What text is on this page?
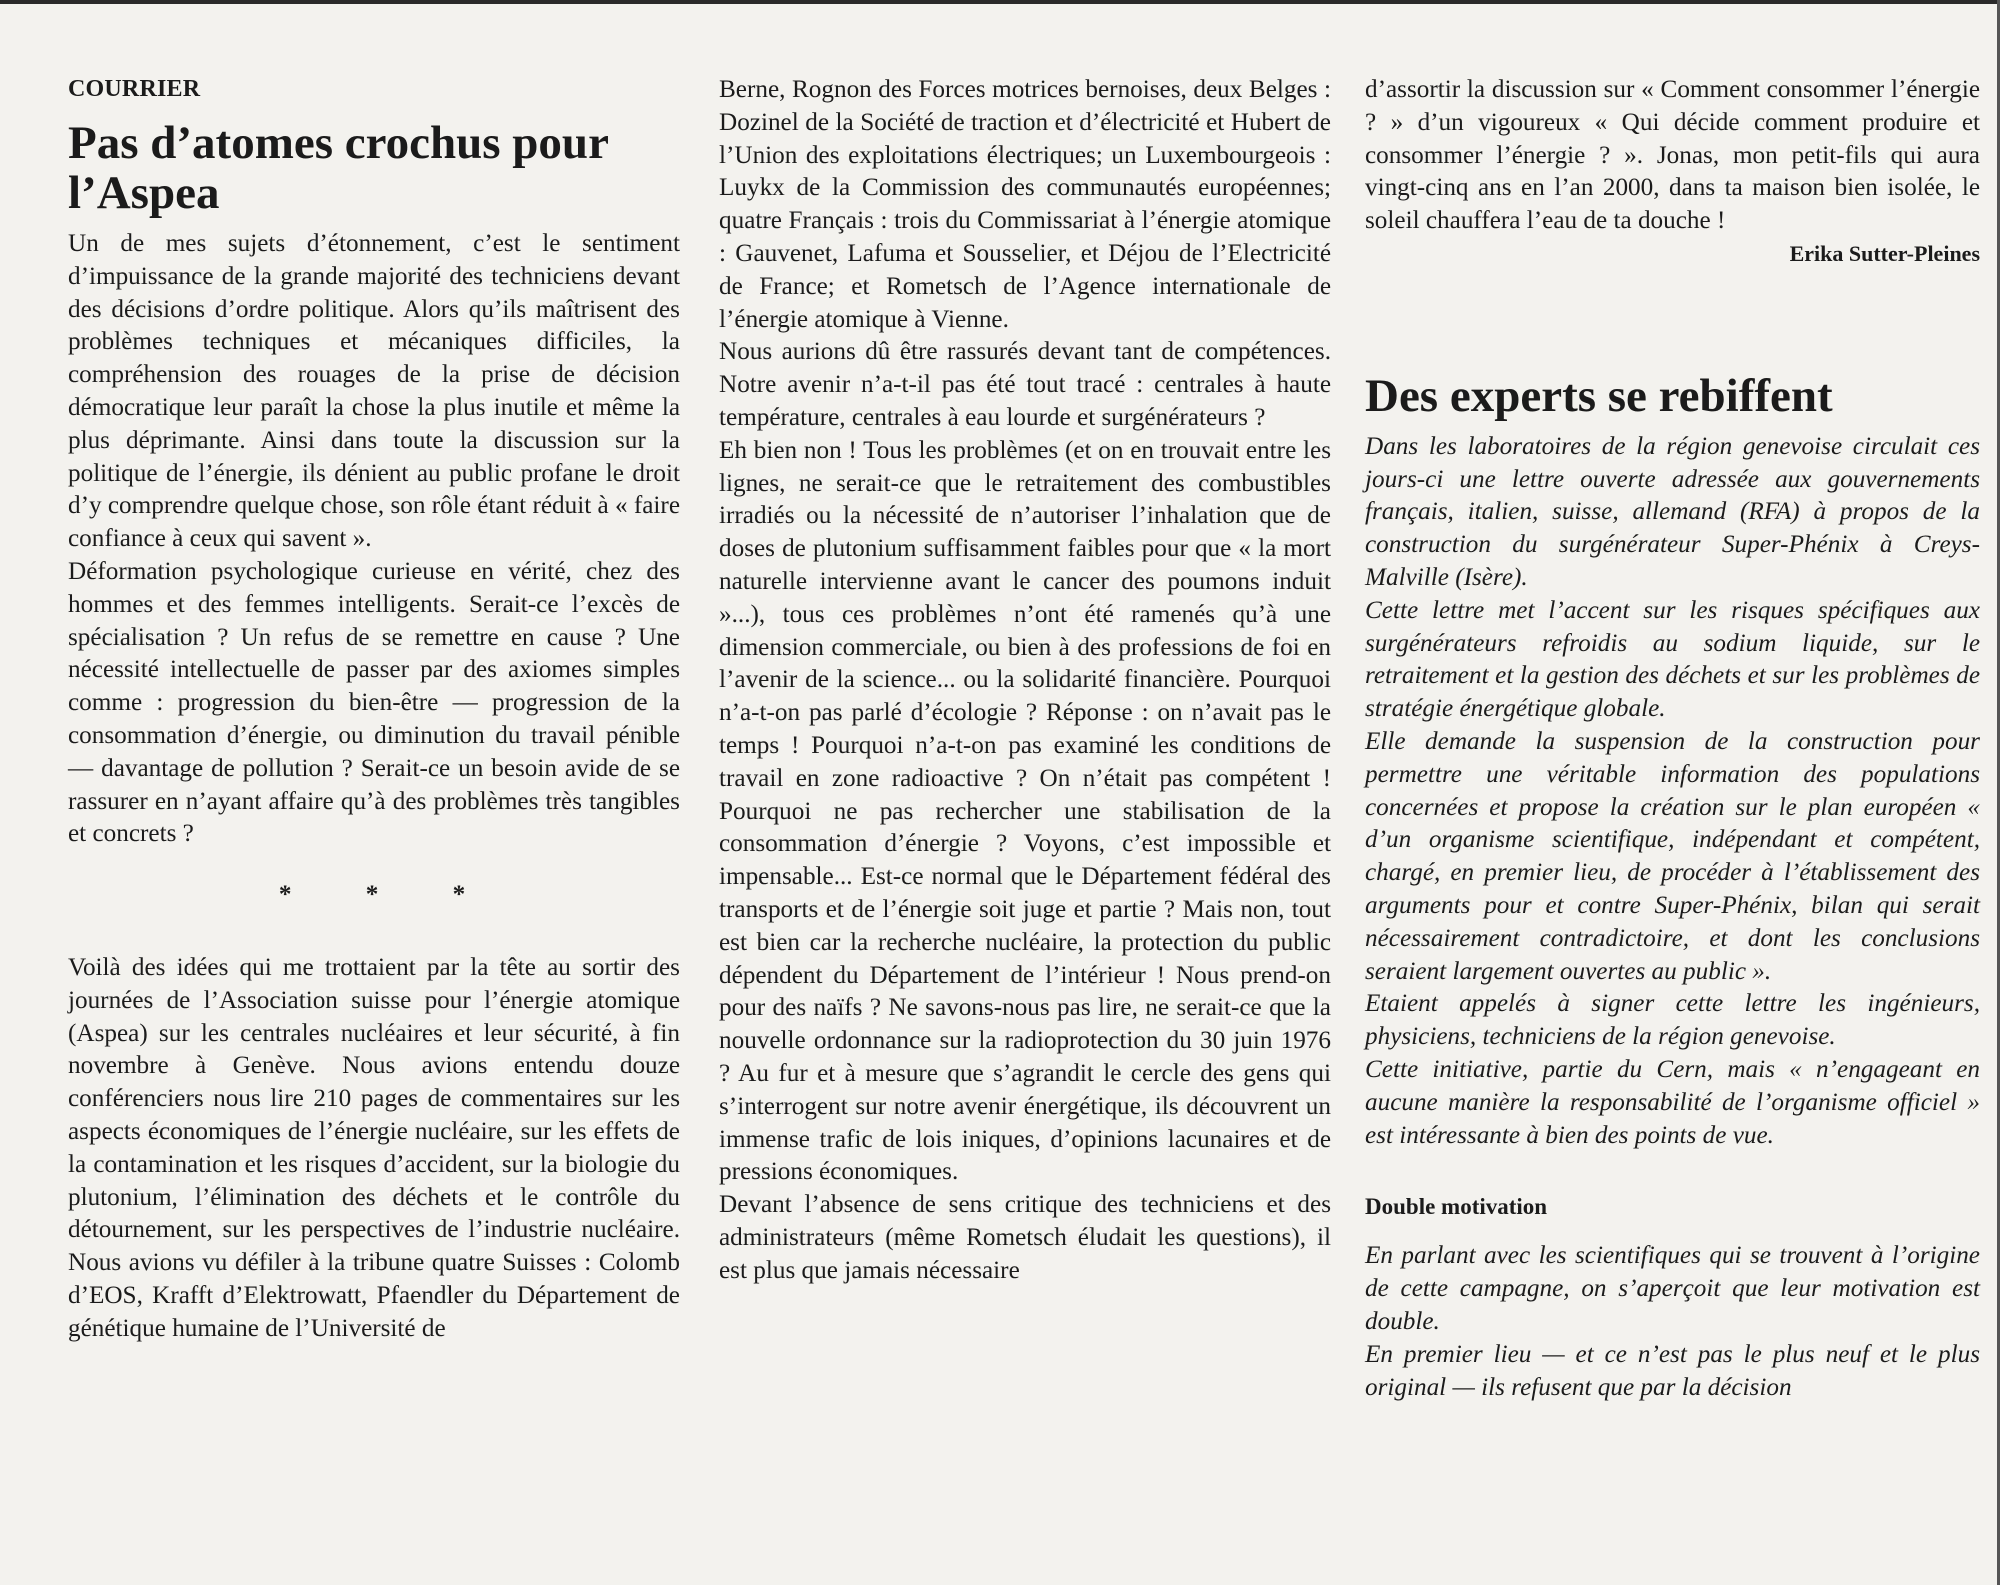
COURRIER
Pas d’atomes crochus pour l’Aspea

Un de mes sujets d’étonnement, c’est le sentiment d’impuissance de la grande majorité des techniciens devant des décisions d’ordre politique. Alors qu’ils maîtrisent des problèmes techniques et mécaniques difficiles, la compréhension des rouages de la prise de décision démocratique leur paraît la chose la plus inutile et même la plus déprimante. Ainsi dans toute la discussion sur la politique de l’énergie, ils dénient au public profane le droit d’y comprendre quelque chose, son rôle étant réduit à « faire confiance à ceux qui savent ».

Déformation psychologique curieuse en vérité, chez des hommes et des femmes intelligents. Serait-ce l’excès de spécialisation ? Un refus de se remettre en cause ? Une nécessité intellectuelle de passer par des axiomes simples comme : progression du bien-être — progression de la consommation d’énergie, ou diminution du travail pénible — davantage de pollution ? Serait-ce un besoin avide de se rassurer en n’ayant affaire qu’à des problèmes très tangibles et concrets ?

* * *

Voilà des idées qui me trottaient par la tête au sortir des journées de l’Association suisse pour l’énergie atomique (Aspea) sur les centrales nucléaires et leur sécurité, à fin novembre à Genève. Nous avions entendu douze conférenciers nous lire 210 pages de commentaires sur les aspects économiques de l’énergie nucléaire, sur les effets de la contamination et les risques d’accident, sur la biologie du plutonium, l’élimination des déchets et le contrôle du détournement, sur les perspectives de l’industrie nucléaire. Nous avions vu défiler à la tribune quatre Suisses : Colomb d’EOS, Krafft d’Elektrowatt, Pfaendler du Département de génétique humaine de l’Université de

Berne, Rognon des Forces motrices bernoises, deux Belges : Dozinel de la Société de traction et d’électricité et Hubert de l’Union des exploitations électriques; un Luxembourgeois : Luykx de la Commission des communautés européennes; quatre Français : trois du Commissariat à l’énergie atomique : Gauvenet, Lafuma et Sousselier, et Déjou de l’Electricité de France; et Rometsch de l’Agence internationale de l’énergie atomique à Vienne.

Nous aurions dû être rassurés devant tant de compétences. Notre avenir n’a-t-il pas été tout tracé : centrales à haute température, centrales à eau lourde et surgénérateurs ?

Eh bien non ! Tous les problèmes (et on en trouvait entre les lignes, ne serait-ce que le retraitement des combustibles irradiés ou la nécessité de n’autoriser l’inhalation que de doses de plutonium suffisamment faibles pour que « la mort naturelle intervienne avant le cancer des poumons induit »...), tous ces problèmes n’ont été ramenés qu’à une dimension commerciale, ou bien à des professions de foi en l’avenir de la science... ou la solidarité financière. Pourquoi n’a-t-on pas parlé d’écologie ? Réponse : on n’avait pas le temps ! Pourquoi n’a-t-on pas examiné les conditions de travail en zone radioactive ? On n’était pas compétent ! Pourquoi ne pas rechercher une stabilisation de la consommation d’énergie ? Voyons, c’est impossible et impensable... Est-ce normal que le Département fédéral des transports et de l’énergie soit juge et partie ? Mais non, tout est bien car la recherche nucléaire, la protection du public dépendent du Département de l’intérieur ! Nous prend-on pour des naïfs ? Ne savons-nous pas lire, ne serait-ce que la nouvelle ordonnance sur la radioprotection du 30 juin 1976 ? Au fur et à mesure que s’agrandit le cercle des gens qui s’interrogent sur notre avenir énergétique, ils découvrent un immense trafic de lois iniques, d’opinions lacunaires et de pressions économiques.

Devant l’absence de sens critique des techniciens et des administrateurs (même Rometsch éludait les questions), il est plus que jamais nécessaire

d’assortir la discussion sur « Comment consommer l’énergie ? » d’un vigoureux « Qui décide comment produire et consommer l’énergie ? ». Jonas, mon petit-fils qui aura vingt-cinq ans en l’an 2000, dans ta maison bien isolée, le soleil chauffera l’eau de ta douche !

Erika Sutter-Pleines
Des experts se rebiffent

Dans les laboratoires de la région genevoise circulait ces jours-ci une lettre ouverte adressée aux gouvernements français, italien, suisse, allemand (RFA) à propos de la construction du surgénérateur Super-Phénix à Creys-Malville (Isère).

Cette lettre met l’accent sur les risques spécifiques aux surgénérateurs refroidis au sodium liquide, sur le retraitement et la gestion des déchets et sur les problèmes de stratégie énergétique globale.

Elle demande la suspension de la construction pour permettre une véritable information des populations concernées et propose la création sur le plan européen « d’un organisme scientifique, indépendant et compétent, chargé, en premier lieu, de procéder à l’établissement des arguments pour et contre Super-Phénix, bilan qui serait nécessairement contradictoire, et dont les conclusions seraient largement ouvertes au public ».

Etaient appelés à signer cette lettre les ingénieurs, physiciens, techniciens de la région genevoise.

Cette initiative, partie du Cern, mais « n’engageant en aucune manière la responsabilité de l’organisme officiel » est intéressante à bien des points de vue.

Double motivation

En parlant avec les scientifiques qui se trouvent à l’origine de cette campagne, on s’aperçoit que leur motivation est double.

En premier lieu — et ce n’est pas le plus neuf et le plus original — ils refusent que par la décision
